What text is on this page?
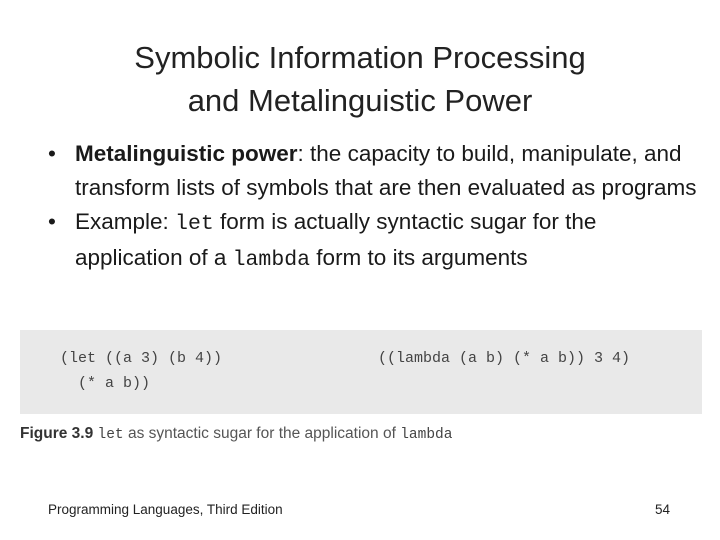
Symbolic Information Processing
and Metalinguistic Power
• Metalinguistic power: the capacity to build, manipulate, and transform lists of symbols that are then evaluated as programs
• Example: let form is actually syntactic sugar for the application of a lambda form to its arguments
(let ((a 3) (b 4))
(* a b))
((lambda (a b) (* a b)) 3 4)
Figure 3.9 let as syntactic sugar for the application of lambda
Programming Languages, Third Edition	54
